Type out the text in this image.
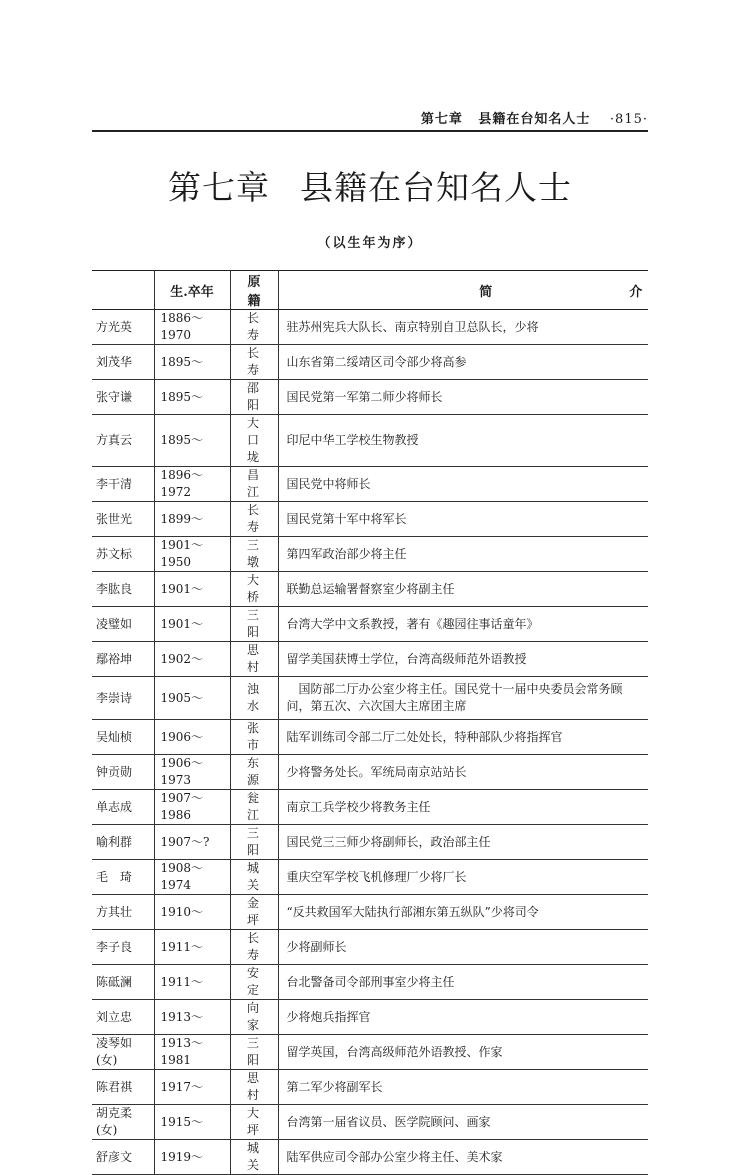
第七章 县籍在台知名人士 ·815·
第七章 县籍在台知名人士
（以生年为序）
	生.卒年	原籍	简 介
方光英	1886～1970	长寿	驻苏州宪兵大队长、南京特别自卫总队长，少将
刘茂华	1895～	长寿	山东省第二绥靖区司令部少将高参
张守谦	1895～	邵阳	国民党第一军第二师少将师长
方真云	1895～	大口垅	印尼中华工学校生物教授
李干清	1896～1972	昌江	国民党中将师长
张世光	1899～	长寿	国民党第十军中将军长
苏文标	1901～1950	三墩	第四军政治部少将主任
李肱良	1901～	大桥	联勤总运输署督察室少将副主任
凌璧如	1901～	三阳	台湾大学中文系教授，著有《趣园往事话童年》
鄢裕坤	1902～	思村	留学美国获博士学位，台湾高级师范外语教授
李崇诗	1905～	浊水	　国防部二厅办公室少将主任。国民党十一届中央委员会常务顾问，第五次、六次国大主席团主席
吴灿桢	1906～	张市	陆军训练司令部二厅二处处长，特种部队少将指挥官
钟贡勋	1906～1973	东源	少将警务处长。军统局南京站站长
单志成	1907～1986	瓮江	南京工兵学校少将教务主任
喻利群	1907～?	三阳	国民党三三师少将副师长，政治部主任
毛　琦	1908～1974	城关	重庆空军学校飞机修理厂少将厂长
方其壮	1910～	金坪	“反共救国军大陆执行部湘东第五纵队”少将司令
李子良	1911～	长寿	少将副师长
陈砥澜	1911～	安定	台北警备司令部刑事室少将主任
刘立忠	1913～	向家	少将炮兵指挥官
凌琴如(女)	1913～1981	三阳	留学英国，台湾高级师范外语教授、作家
陈君祺	1917～	思村	第二军少将副军长
胡克柔(女)	1915～	大坪	台湾第一届省议员、医学院顾问、画家
舒彦文	1919～	城关	陆军供应司令部办公室少将主任、美术家
